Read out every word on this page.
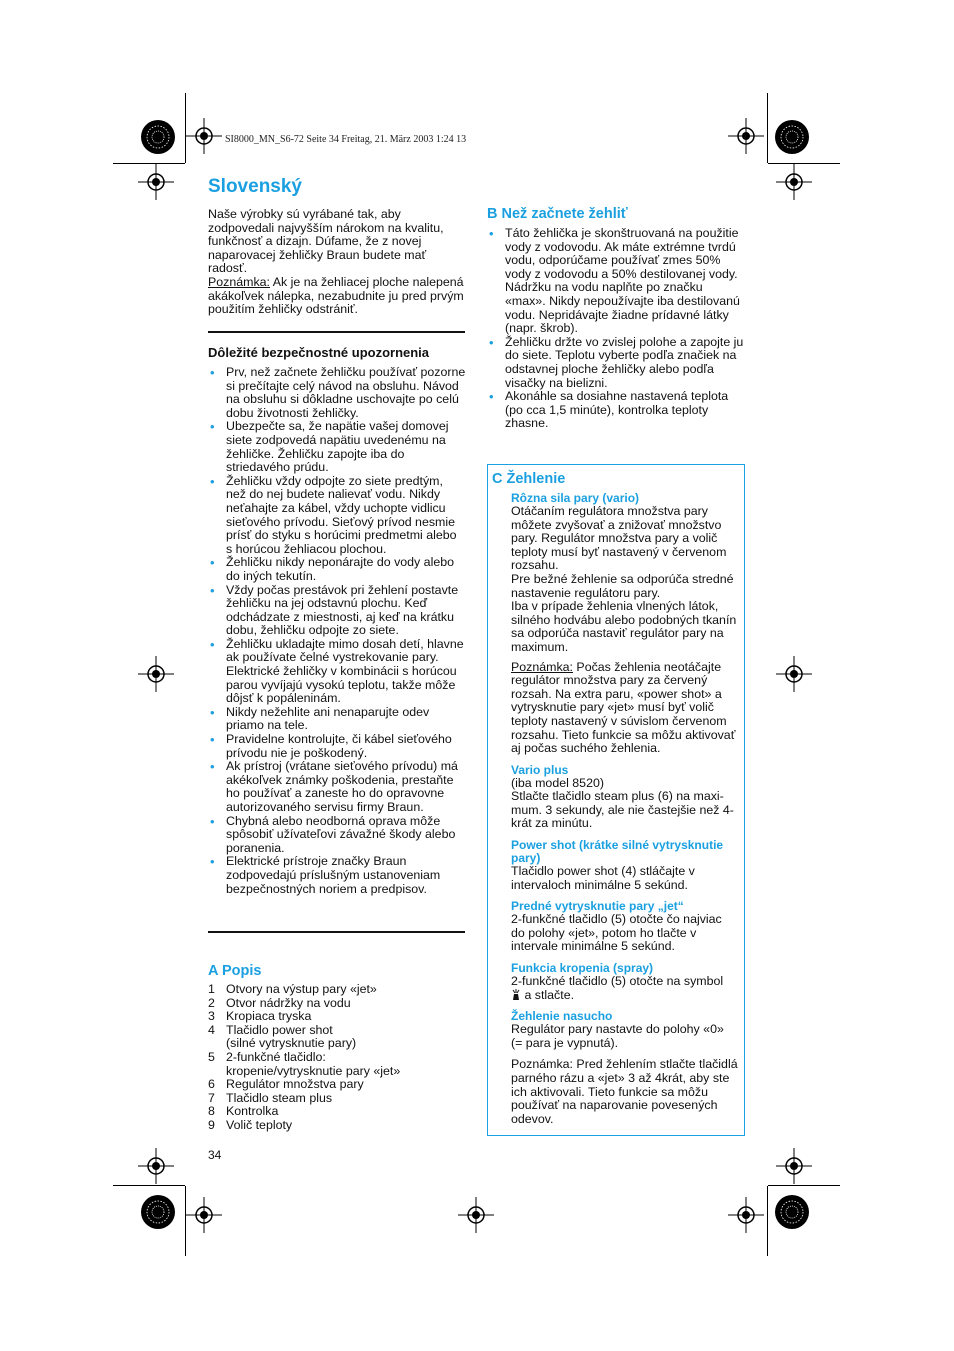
SI8000_MN_S6-72 Seite 34 Freitag, 21. März 2003 1:24 13
Slovenský

Naše výrobky sú vyrábané tak, aby zodpovedali najvyšším nárokom na kvalitu, funkčnosť a dizajn. Dúfame, že z novej naparovacej žehličky Braun budete mať radosť.

Poznámka: Ak je na žehliacej ploche nalepená akákoľvek nálepka, nezabudnite ju pred prvým použitím žehličky odstrániť.

Dôležité bezpečnostné upozornenia
• Prv, než začnete žehličku používať pozorne si prečítajte celý návod na obsluhu. Návod na obsluhu si dôkladne uschovajte po celú dobu životnosti žehličky.
• Ubezpečte sa, že napätie vašej domovej siete zodpovedá napätiu uvedenému na žehličke. Žehličku zapojte iba do striedavého prúdu.
• Žehličku vždy odpojte zo siete predtým, než do nej budete nalievať vodu. Nikdy neťahajte za kábel, vždy uchopte vidlicu sieťového prívodu. Sieťový prívod nesmie prísť do styku s horúcimi predmetmi alebo s horúcou žehliacou plochou.
• Žehličku nikdy neponárajte do vody alebo do iných tekutín.
• Vždy počas prestávok pri žehlení postavte žehličku na jej odstavnú plochu. Keď odchádzate z miestnosti, aj keď na krátku dobu, žehličku odpojte zo siete.
• Žehličku ukladajte mimo dosah detí, hlavne ak používate čelné vystrekovanie pary. Elektrické žehličky v kombinácii s horúcou parou vyvíjajú vysokú teplotu, takže môže dôjsť k popáleninám.
• Nikdy nežehlite ani nenaparujte odev priamo na tele.
• Pravidelne kontrolujte, či kábel sieťového prívodu nie je poškodený.
• Ak prístroj (vrátane sieťového prívodu) má akékoľvek známky poškodenia, prestaňte ho používať a zaneste ho do opravovne autorizovaného servisu firmy Braun.
• Chybná alebo neodborná oprava môže spôsobiť užívateľovi závažné škody alebo poranenia.
• Elektrické prístroje značky Braun zodpovedajú príslušným ustanoveniam bezpečnostných noriem a predpisov.
A Popis
1 Otvory na výstup pary «jet»
2 Otvor nádržky na vodu
3 Kropiaca tryska
4 Tlačidlo power shot
(silné vytrysknutie pary)
5 2-funkčné tlačidlo:
kropenie/vytrysknutie pary «jet»
6 Regulátor množstva pary
7 Tlačidlo steam plus
8 Kontrolka
9 Volič teploty
34
B Než začnete žehliť
• Táto žehlička je skonštruovaná na použitie vody z vodovodu. Ak máte extrémne tvrdú vodu, odporúčame používať zmes 50% vody z vodovodu a 50% destilovanej vody. Nádržku na vodu naplňte po značku «max». Nikdy nepoužívajte iba destilovanú vodu. Nepridávajte žiadne prídavné látky (napr. škrob).
• Žehličku držte vo zvislej polohe a zapojte ju do siete. Teplotu vyberte podľa značiek na odstavnej ploche žehličky alebo podľa visačky na bielizni.
• Akonáhle sa dosiahne nastavená teplota (po cca 1,5 minúte), kontrolka teploty zhasne.
C Žehlenie
Rôzna sila pary (vario)

Otáčaním regulátora množstva pary môžete zvyšovať a znižovať množstvo pary. Regulátor množstva pary a volič teploty musí byť nastavený v červenom rozsahu.

Pre bežné žehlenie sa odporúča stredné nastavenie regulátoru pary.

Iba v prípade žehlenia vlnených látok, silného hodvábu alebo podobných tkanín sa odporúča nastaviť regulátor pary na maximum.

Poznámka: Počas žehlenia neotáčajte regulátor množstva pary za červený rozsah. Na extra paru, «power shot» a vytrysknutie pary «jet» musí byť volič teploty nastavený v súvislom červenom rozsahu. Tieto funkcie sa môžu aktivovať aj počas suchého žehlenia.

Vario plus

(iba model 8520)

Stlačte tlačidlo steam plus (6) na maxi-mum. 3 sekundy, ale nie častejšie než 4-krát za minútu.

Power shot (krátke silné vytrysknutie pary)

Tlačidlo power shot (4) stláčajte v intervaloch minimálne 5 sekúnd.

Predné vytrysknutie pary „jet“

2-funkčné tlačidlo (5) otočte čo najviac do polohy «jet», potom ho tlačte v intervale minimálne 5 sekúnd.

Funkcia kropenia (spray)

2-funkčné tlačidlo (5) otočte na symbol

a stlačte.

Žehlenie nasucho

Regulátor pary nastavte do polohy «0» (= para je vypnutá).

Poznámka: Pred žehlením stlačte tlačidlá parného rázu a «jet» 3 až 4krát, aby ste ich aktivovali. Tieto funkcie sa môžu používať na naparovanie povesených odevov.
